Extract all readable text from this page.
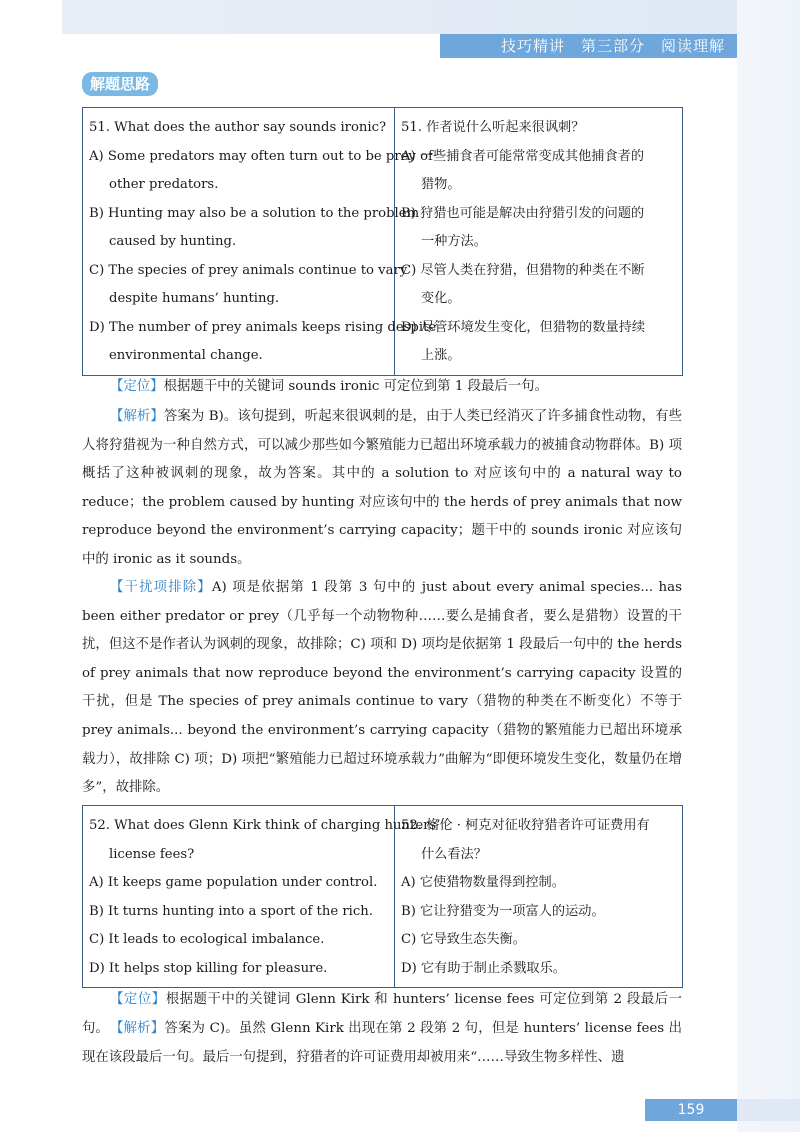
技巧精讲　第三部分　阅读理解
解题思路
51. What does the author say sounds ironic?
A) Some predators may often turn out to be prey of
other predators.
B) Hunting may also be a solution to the problem
caused by hunting.
C) The species of prey animals continue to vary
despite humans’ hunting.
D) The number of prey animals keeps rising despite
environmental change.

51. 作者说什么听起来很讽刺？
A) 一些捕食者可能常常变成其他捕食者的
猎物。
B) 狩猎也可能是解决由狩猎引发的问题的
一种方法。
C) 尽管人类在狩猎，但猎物的种类在不断
变化。
D) 尽管环境发生变化，但猎物的数量持续
上涨。
【定位】根据题干中的关键词 sounds ironic 可定位到第 1 段最后一句。
【解析】答案为 B)。该句提到，听起来很讽刺的是，由于人类已经消灭了许多捕食性动物，有些人将狩猎视为一种自然方式，可以减少那些如今繁殖能力已超出环境承载力的被捕食动物群体。B) 项概括了这种被讽刺的现象，故为答案。其中的 a solution to 对应该句中的 a natural way to reduce；the problem caused by hunting 对应该句中的 the herds of prey animals that now reproduce beyond the environment’s carrying capacity；题干中的 sounds ironic 对应该句中的 ironic as it sounds。
【干扰项排除】A) 项是依据第 1 段第 3 句中的 just about every animal species... has been either predator or prey（几乎每一个动物物种……要么是捕食者，要么是猎物）设置的干扰，但这不是作者认为讽刺的现象，故排除；C) 项和 D) 项均是依据第 1 段最后一句中的 the herds of prey animals that now reproduce beyond the environment’s carrying capacity 设置的干扰，但是 The species of prey animals continue to vary（猎物的种类在不断变化）不等于 prey animals... beyond the environment’s carrying capacity（猎物的繁殖能力已超出环境承载力），故排除 C) 项；D) 项把“繁殖能力已超过环境承载力”曲解为“即便环境发生变化，数量仍在增多”，故排除。
52. What does Glenn Kirk think of charging hunters’
license fees?
A) It keeps game population under control.
B) It turns hunting into a sport of the rich.
C) It leads to ecological imbalance.
D) It helps stop killing for pleasure.

52. 格伦 · 柯克对征收狩猎者许可证费用有
什么看法？
A) 它使猎物数量得到控制。
B) 它让狩猎变为一项富人的运动。
C) 它导致生态失衡。
D) 它有助于制止杀戮取乐。
【定位】根据题干中的关键词 Glenn Kirk 和 hunters’ license fees 可定位到第 2 段最后一句。 【解析】答案为 C)。虽然 Glenn Kirk 出现在第 2 段第 2 句，但是 hunters’ license fees 出现在该段最后一句。最后一句提到，狩猎者的许可证费用却被用来“……导致生物多样性、遗
159
